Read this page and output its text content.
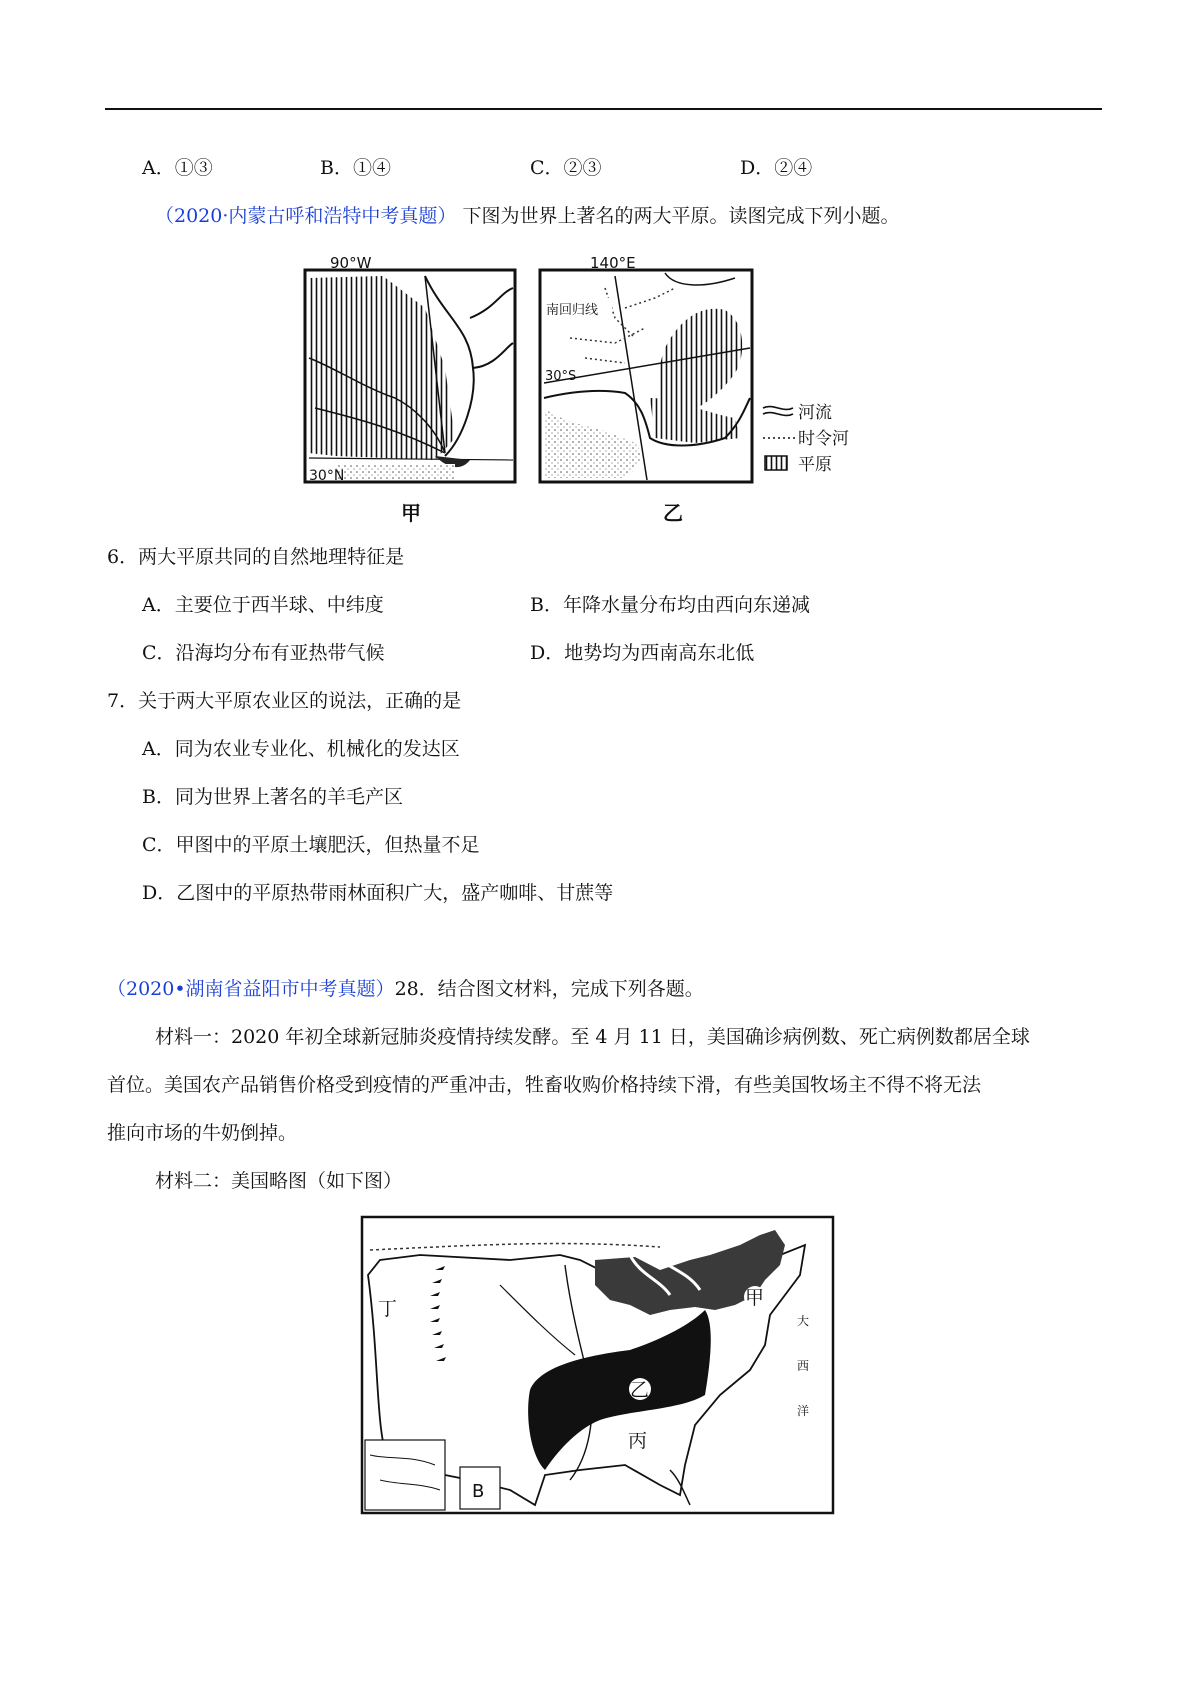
A．①③	B．①④	C．②③	D．②④
（2020·内蒙古呼和浩特中考真题） 下图为世界上著名的两大平原。读图完成下列小题。
90°W
30°N
南回归线
140°E
30°S
河流
时令河
平原
甲	乙
6．两大平原共同的自然地理特征是
A．主要位于西半球、中纬度	B．年降水量分布均由西向东递减
C．沿海均分布有亚热带气候	D．地势均为西南高东北低
7．关于两大平原农业区的说法，正确的是
A．同为农业专业化、机械化的发达区
B．同为世界上著名的羊毛产区
C．甲图中的平原土壤肥沃，但热量不足
D．乙图中的平原热带雨林面积广大，盛产咖啡、甘蔗等
（2020•湖南省益阳市中考真题）28．结合图文材料，完成下列各题。
材料一：2020 年初全球新冠肺炎疫情持续发酵。至 4 月 11 日，美国确诊病例数、死亡病例数都居全球
首位。美国农产品销售价格受到疫情的严重冲击，牲畜收购价格持续下滑，有些美国牧场主不得不将无法
推向市场的牛奶倒掉。
材料二：美国略图（如下图）
甲
乙
丙
丁
B
大
西
洋
